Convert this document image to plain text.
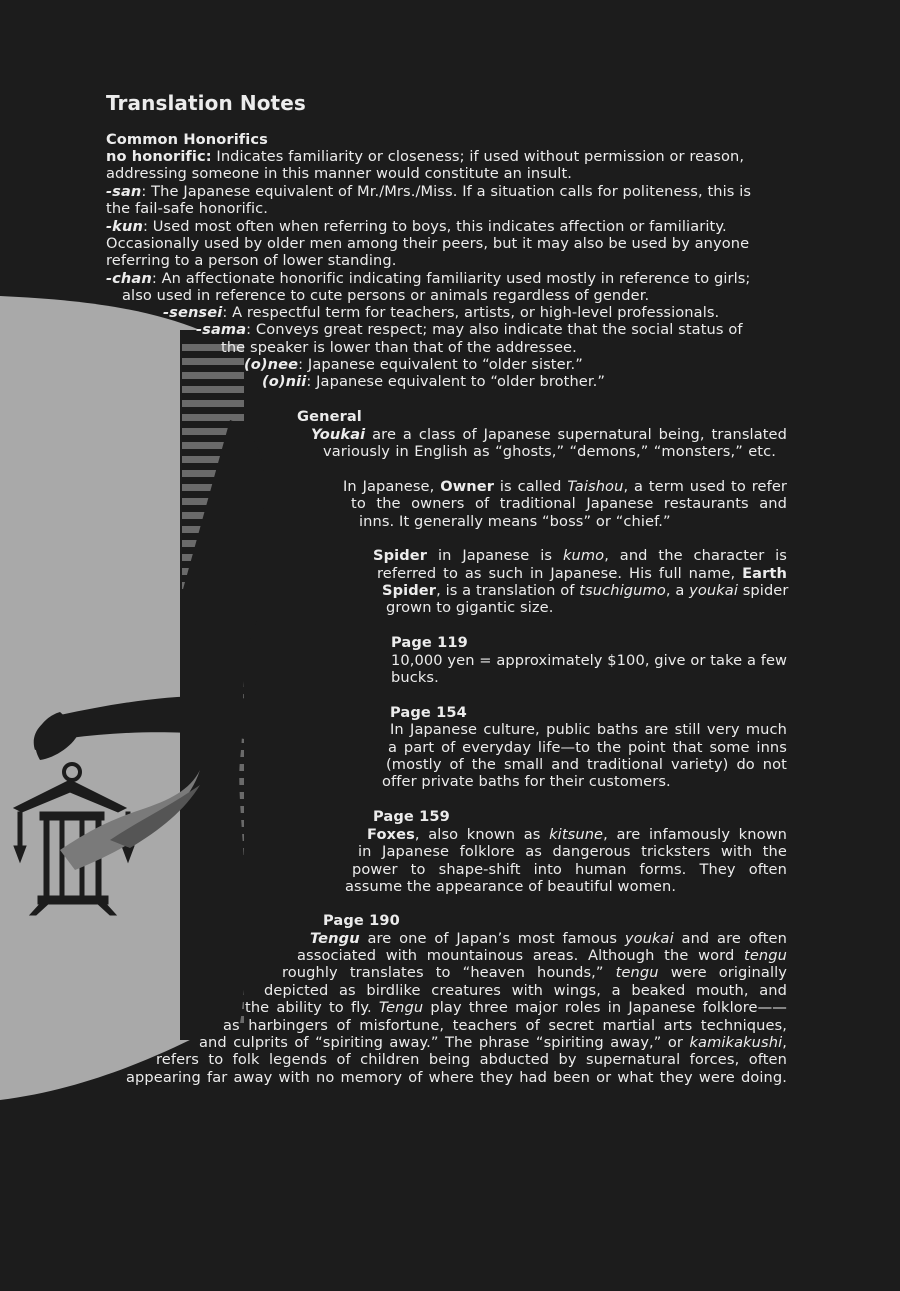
Translation Notes
Common Honorifics
no honorific: Indicates familiarity or closeness; if used without permission or reason,
addressing someone in this manner would constitute an insult.
-san: The Japanese equivalent of Mr./Mrs./Miss. If a situation calls for politeness, this is
the fail-safe honorific.
-kun: Used most often when referring to boys, this indicates affection or familiarity.
Occasionally used by older men among their peers, but it may also be used by anyone
referring to a person of lower standing.
-chan: An affectionate honorific indicating familiarity used mostly in reference to girls;
also used in reference to cute persons or animals regardless of gender.
-sensei: A respectful term for teachers, artists, or high-level professionals.
-sama: Conveys great respect; may also indicate that the social status of
the speaker is lower than that of the addressee.
(o)nee: Japanese equivalent to “older sister.”
(o)nii: Japanese equivalent to “older brother.”
General
Youkai are a class of Japanese supernatural being, translated
variously in English as “ghosts,” “demons,” “monsters,” etc.
In Japanese, Owner is called Taishou, a term used to refer
to the owners of traditional Japanese restaurants and
inns. It generally means “boss” or “chief.”
Spider in Japanese is kumo, and the character is
referred to as such in Japanese. His full name, Earth
Spider, is a translation of tsuchigumo, a youkai spider
grown to gigantic size.
Page 119
10,000 yen = approximately $100, give or take a few
bucks.
Page 154
In Japanese culture, public baths are still very much
a part of everyday life—to the point that some inns
(mostly of the small and traditional variety) do not
offer private baths for their customers.
Page 159
Foxes, also known as kitsune, are infamously known
in Japanese folklore as dangerous tricksters with the
power to shape-shift into human forms. They often
assume the appearance of beautiful women.
Page 190
Tengu are one of Japan’s most famous youkai and are often
associated with mountainous areas. Although the word tengu
roughly translates to “heaven hounds,” tengu were originally
depicted as birdlike creatures with wings, a beaked mouth, and
the ability to fly. Tengu play three major roles in Japanese folklore——
as harbingers of misfortune, teachers of secret martial arts techniques,
and culprits of “spiriting away.” The phrase “spiriting away,” or kamikakushi,
refers to folk legends of children being abducted by supernatural forces, often
appearing far away with no memory of where they had been or what they were doing.
